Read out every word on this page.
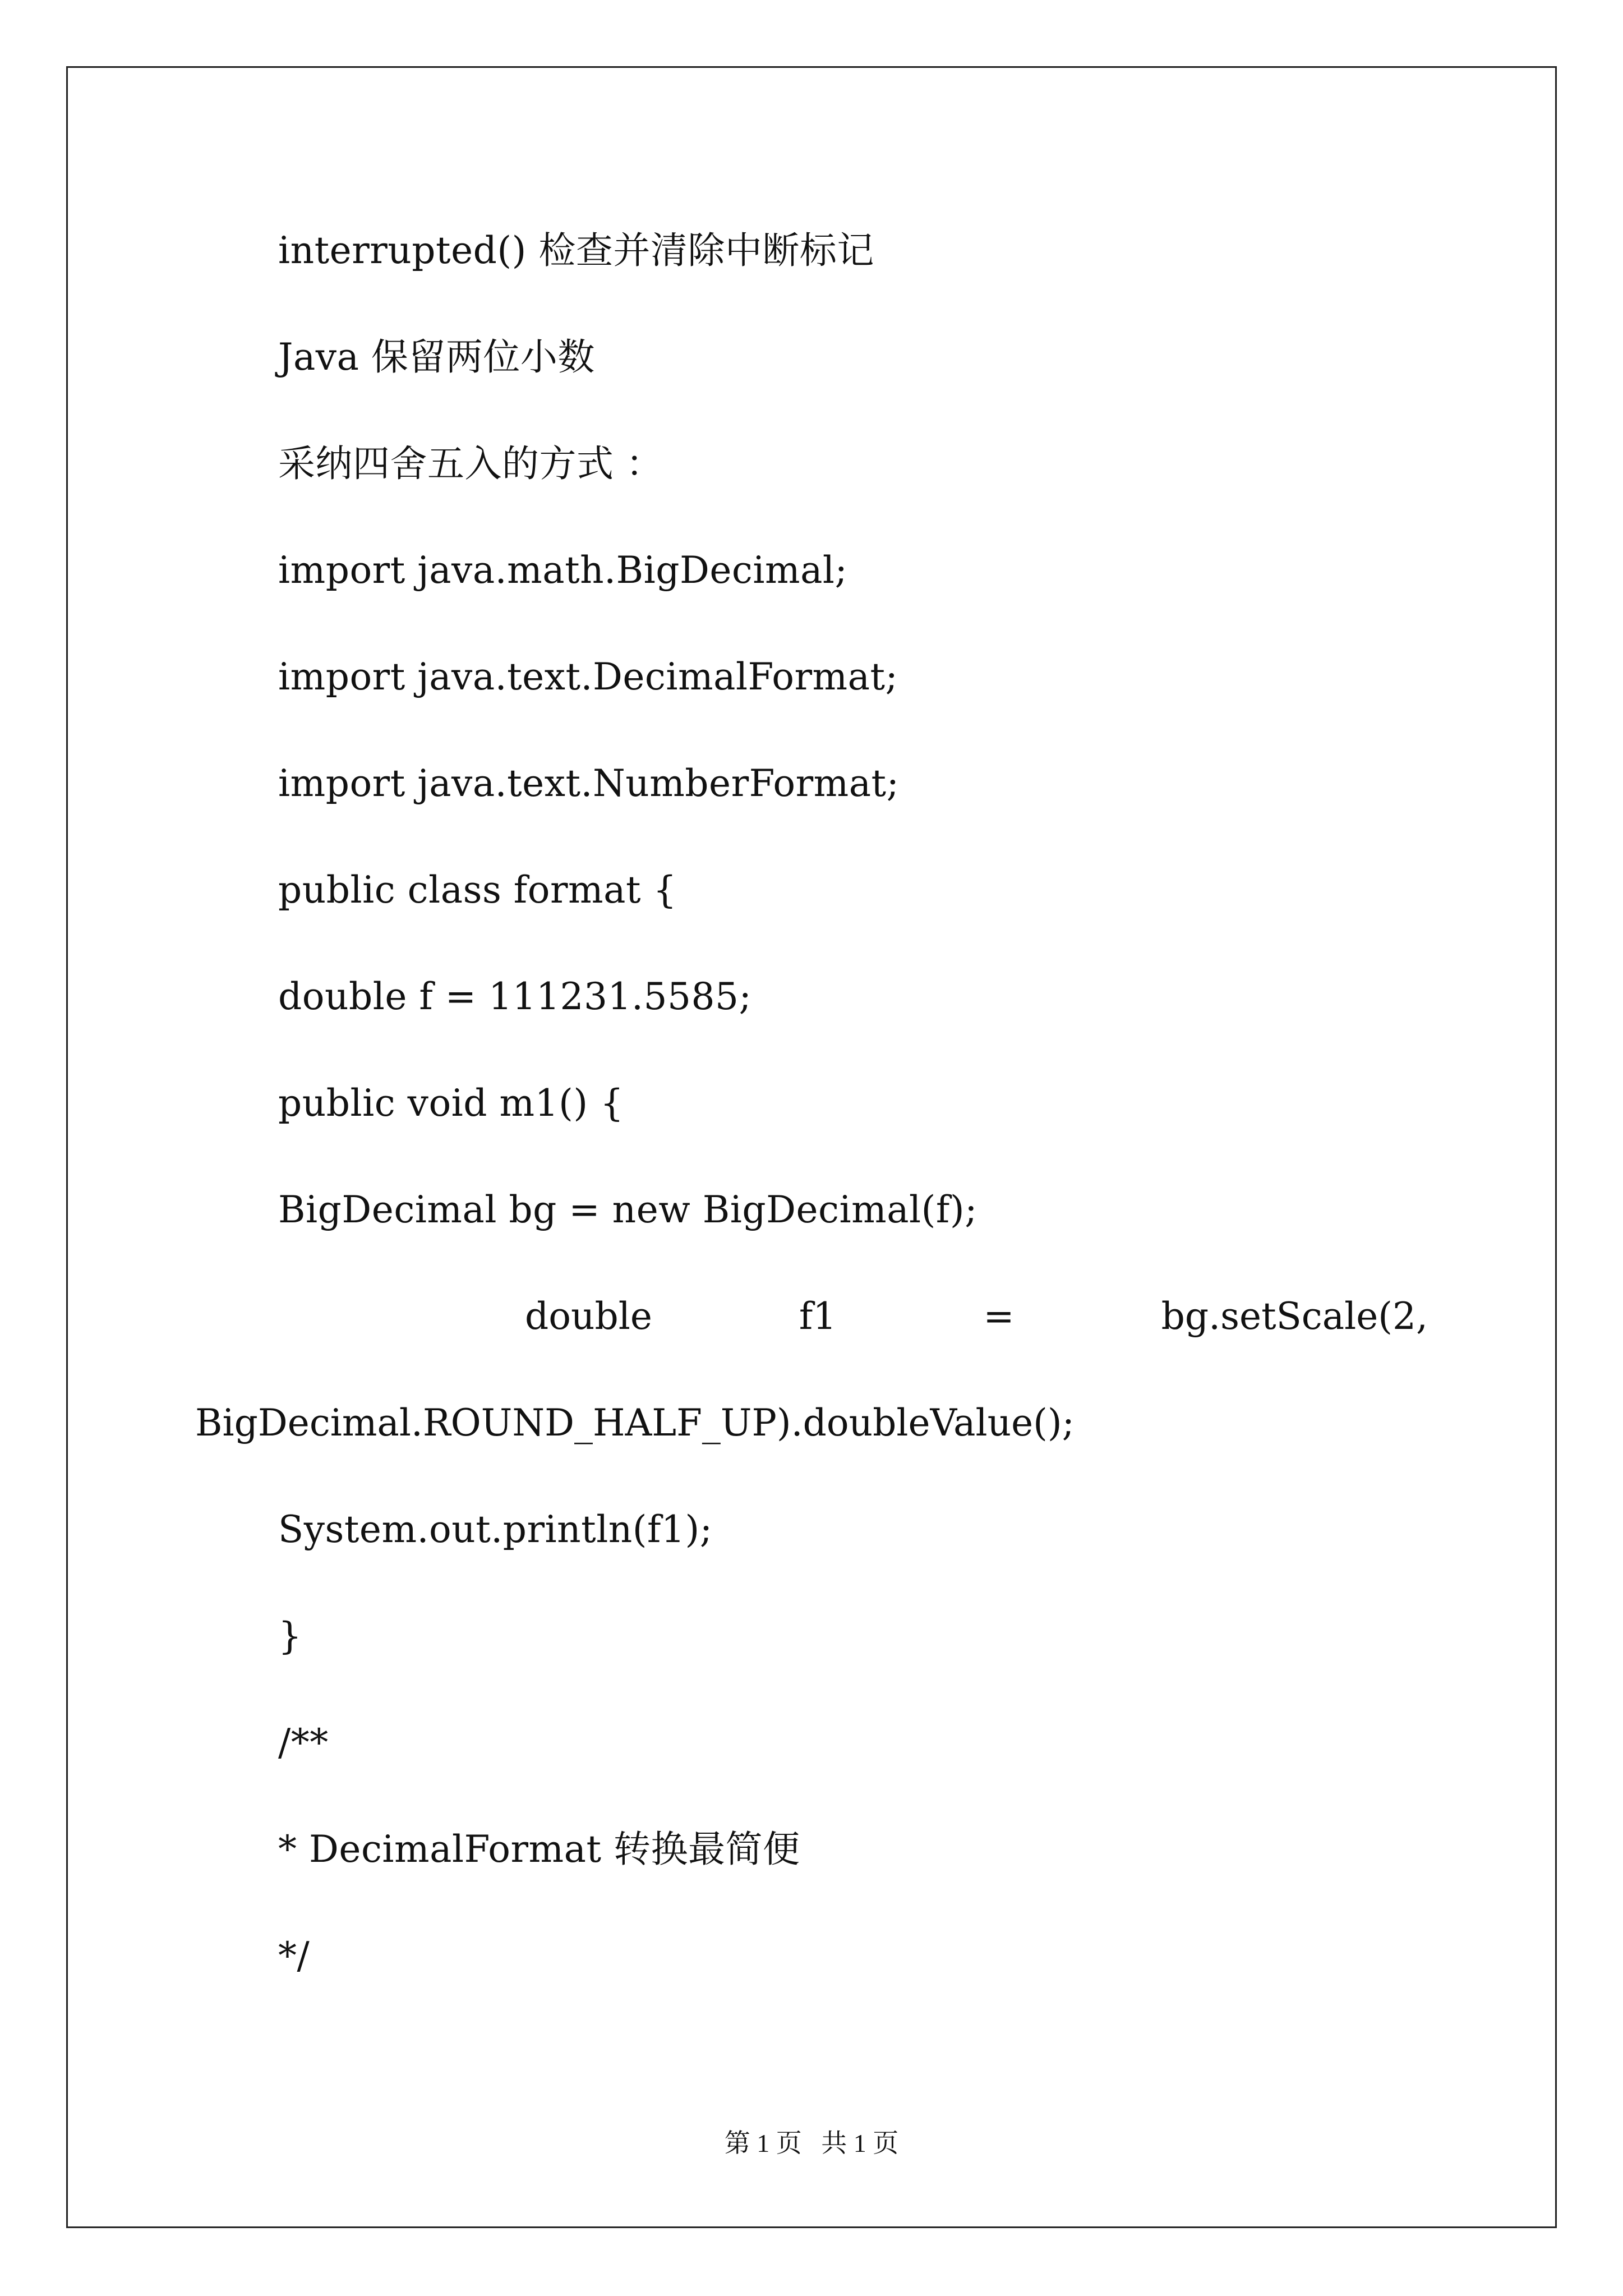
interrupted() 检查并清除中断标记
Java 保留两位小数
采纳四舍五入的方式 ：
import java.math.BigDecimal;
import java.text.DecimalFormat;
import java.text.NumberFormat;
public class format {
double f = 111231.5585;
public void m1() {
BigDecimal bg = new BigDecimal(f);
double	f1	=	bg.setScale(2,
BigDecimal.ROUND_HALF_UP).doubleValue();
System.out.println(f1);
}
/**
* DecimalFormat 转换最简便
*/
第 1 页   共 1 页
